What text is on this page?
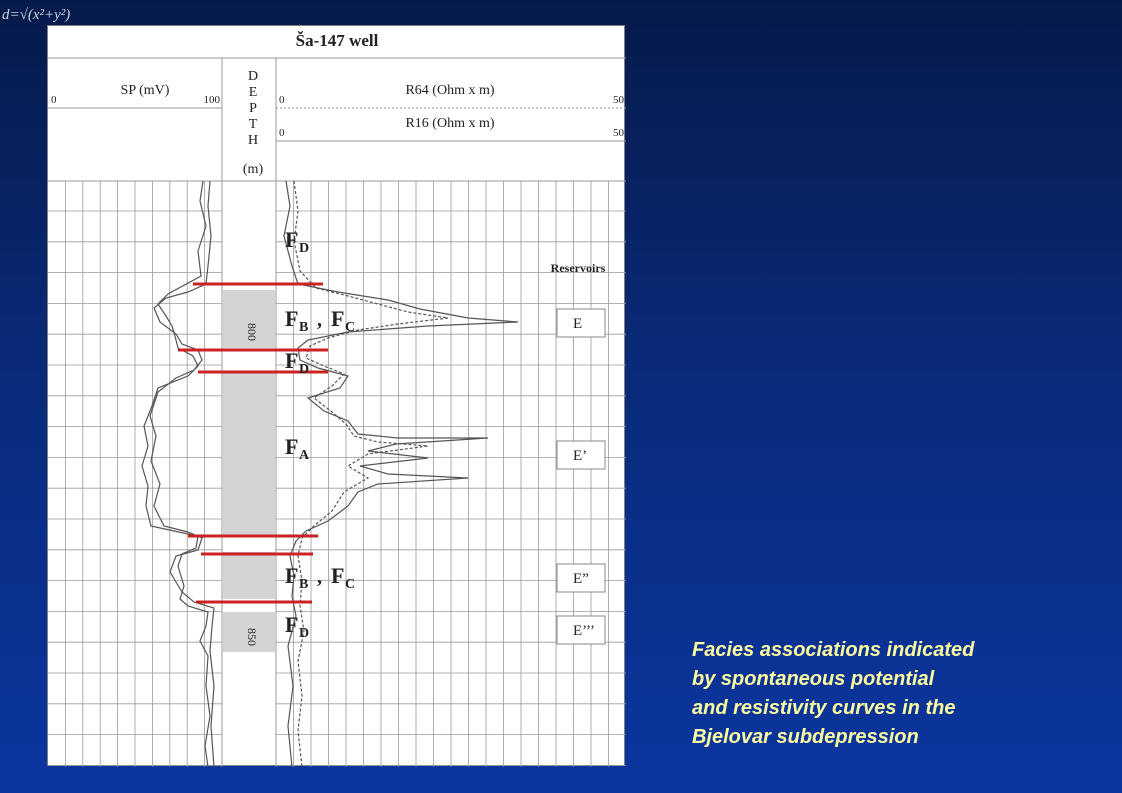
d=√(x²+y²)
Ša-147 well
SP (mV)
0	100
D
E
P
T
H
(m)
R64 (Ohm x m)
0	50
R16 (Ohm x m)
0	50
F D
F B , F C
F D
F A
F B , F C
F D
800
850
Reservoirs
E
E’
E”
E’’’
Facies associations indicated
by spontaneous potential
and resistivity curves in the
Bjelovar subdepression
